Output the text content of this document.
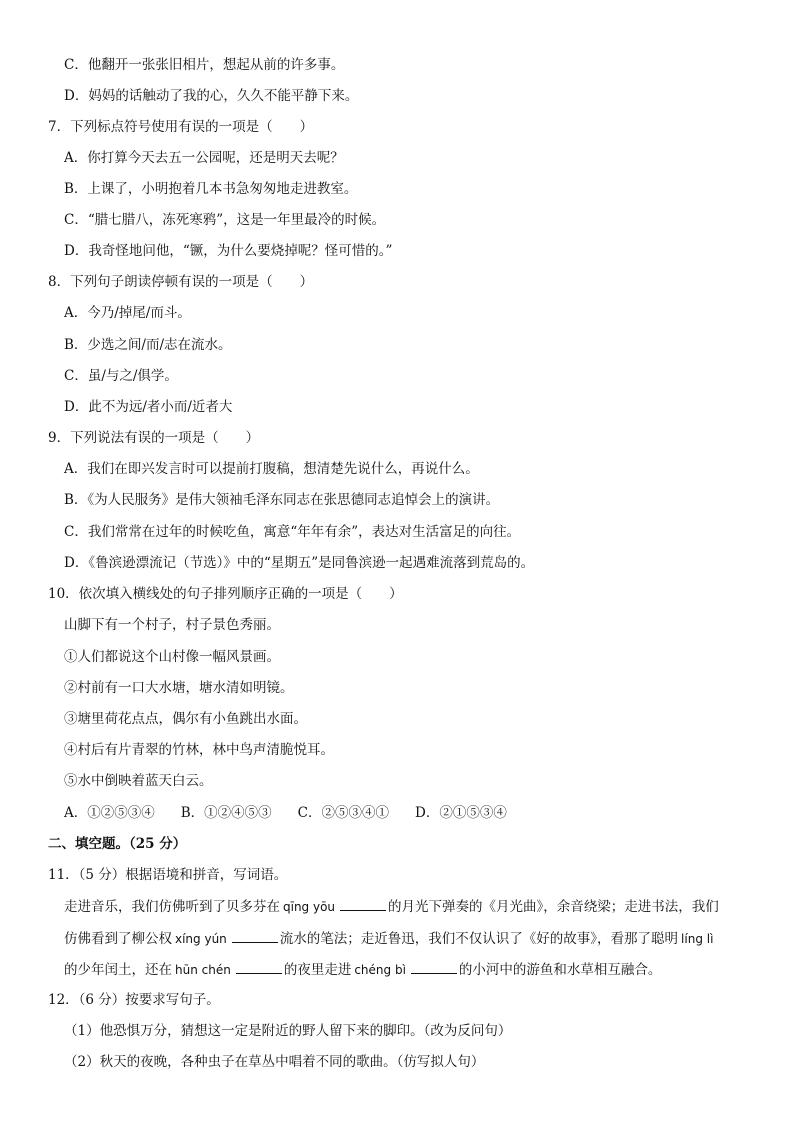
C．他翻开一张张旧相片，想起从前的许多事。
D．妈妈的话触动了我的心，久久不能平静下来。
7．下列标点符号使用有误的一项是（　　）
A．你打算今天去五一公园呢，还是明天去呢？
B．上课了，小明抱着几本书急匆匆地走进教室。
C．“腊七腊八，冻死寒鸦”，这是一年里最冷的时候。
D．我奇怪地问他，“镢，为什么要烧掉呢？怪可惜的。”
8．下列句子朗读停顿有误的一项是（　　）
A．今乃/掉尾/而斗。
B．少选之间/而/志在流水。
C．虽/与之/俱学。
D．此不为远/者小而/近者大
9．下列说法有误的一项是（　　）
A．我们在即兴发言时可以提前打腹稿，想清楚先说什么，再说什么。
B．《为人民服务》是伟大领袖毛泽东同志在张思德同志追悼会上的演讲。
C．我们常常在过年的时候吃鱼，寓意“年年有余”，表达对生活富足的向往。
D．《鲁滨逊漂流记（节选）》中的“星期五”是同鲁滨逊一起遇难流落到荒岛的。
10．依次填入横线处的句子排列顺序正确的一项是（　　）
山脚下有一个村子，村子景色秀丽。
①人们都说这个山村像一幅风景画。
②村前有一口大水塘，塘水清如明镜。
③塘里荷花点点，偶尔有小鱼跳出水面。
④村后有片青翠的竹林，林中鸟声清脆悦耳。
⑤水中倒映着蓝天白云。
A．①②⑤③④ B．①②④⑤③ C．②⑤③④① D．②①⑤③④
二、填空题。（25 分）
11．（5 分）根据语境和拼音，写词语。
走进音乐，我们仿佛听到了贝多芬在 qīng yōu	的月光下弹奏的《月光曲》，余音绕梁；走进书法，我们
仿佛看到了柳公权 xíng yún	流水的笔法；走近鲁迅，我们不仅认识了《好的故事》，看那了聪明 líng lì
的少年闰土，还在 hūn chén	的夜里走进 chéng bì	的小河中的游鱼和水草相互融合。
12．（6 分）按要求写句子。
（1）他恐惧万分，猜想这一定是附近的野人留下来的脚印。（改为反问句）
（2）秋天的夜晚，各种虫子在草丛中唱着不同的歌曲。（仿写拟人句）
